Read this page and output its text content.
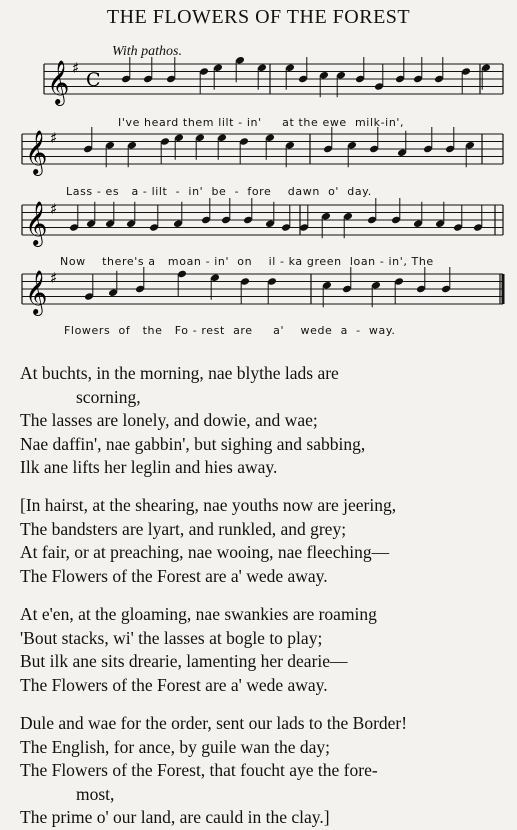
THE FLOWERS OF THE FOREST
With pathos.
𝄞 ♯
C
𝄞 ♯
𝄞 ♯
𝄞 ♯
I've heard them lilt - in'     at the ewe  milk-in',
Lass - es   a - lilt  -  in'  be  -  fore    dawn  o'  day.
Now    there's a   moan - in'  on    il - ka green  loan - in', The
Flowers  of   the   Fo - rest  are     a'    wede  a  -  way.
At buchts, in the morning, nae blythe lads are
scorning,
The lasses are lonely, and dowie, and wae;
Nae daffin', nae gabbin', but sighing and sabbing,
Ilk ane lifts her leglin and hies away.
[In hairst, at the shearing, nae youths now are jeering,
The bandsters are lyart, and runkled, and grey;
At fair, or at preaching, nae wooing, nae fleeching—
The Flowers of the Forest are a' wede away.
At e'en, at the gloaming, nae swankies are roaming
'Bout stacks, wi' the lasses at bogle to play;
But ilk ane sits drearie, lamenting her dearie—
The Flowers of the Forest are a' wede away.
Dule and wae for the order, sent our lads to the Border!
The English, for ance, by guile wan the day;
The Flowers of the Forest, that foucht aye the fore-
most,
The prime o' our land, are cauld in the clay.]
